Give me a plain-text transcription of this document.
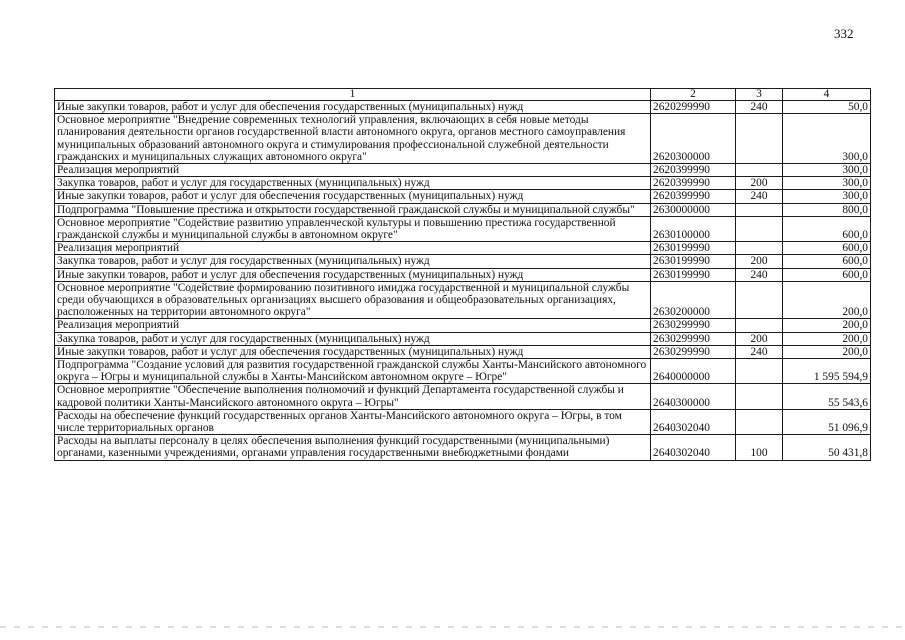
332
1	2	3	4
Иные закупки товаров, работ и услуг для обеспечения государственных (муниципальных) нужд	2620299990	240	50,0
Основное мероприятие "Внедрение современных технологий управления, включающих в себя новые методы планирования деятельности органов государственной власти автономного округа, органов местного самоуправления муниципальных образований автономного округа и стимулирования профессиональной служебной деятельности гражданских и муниципальных служащих автономного округа"	2620300000		300,0
Реализация мероприятий	2620399990		300,0
Закупка товаров, работ и услуг для государственных (муниципальных) нужд	2620399990	200	300,0
Иные закупки товаров, работ и услуг для обеспечения государственных (муниципальных) нужд	2620399990	240	300,0
Подпрограмма "Повышение престижа и открытости государственной гражданской службы и муниципальной службы"	2630000000		800,0
Основное мероприятие "Содействие развитию управленческой культуры и повышению престижа государственной гражданской службы и муниципальной службы в автономном округе"	2630100000		600,0
Реализация мероприятий	2630199990		600,0
Закупка товаров, работ и услуг для государственных (муниципальных) нужд	2630199990	200	600,0
Иные закупки товаров, работ и услуг для обеспечения государственных (муниципальных) нужд	2630199990	240	600,0
Основное мероприятие "Содействие формированию позитивного имиджа государственной и муниципальной службы среди обучающихся в образовательных организациях высшего образования и общеобразовательных организациях, расположенных на территории автономного округа"	2630200000		200,0
Реализация мероприятий	2630299990		200,0
Закупка товаров, работ и услуг для государственных (муниципальных) нужд	2630299990	200	200,0
Иные закупки товаров, работ и услуг для обеспечения государственных (муниципальных) нужд	2630299990	240	200,0
Подпрограмма "Создание условий для развития государственной гражданской службы Ханты-Мансийского автономного округа – Югры и муниципальной службы в Ханты-Мансийском автономном округе – Югре"	2640000000		1 595 594,9
Основное мероприятие "Обеспечение выполнения полномочий и функций Департамента государственной службы и кадровой политики Ханты-Мансийского автономного округа – Югры"	2640300000		55 543,6
Расходы на обеспечение функций государственных органов Ханты-Мансийского автономного округа – Югры, в том числе территориальных органов	2640302040		51 096,9
Расходы на выплаты персоналу в целях обеспечения выполнения функций государственными (муниципальными) органами, казенными учреждениями, органами управления государственными внебюджетными фондами	2640302040	100	50 431,8
